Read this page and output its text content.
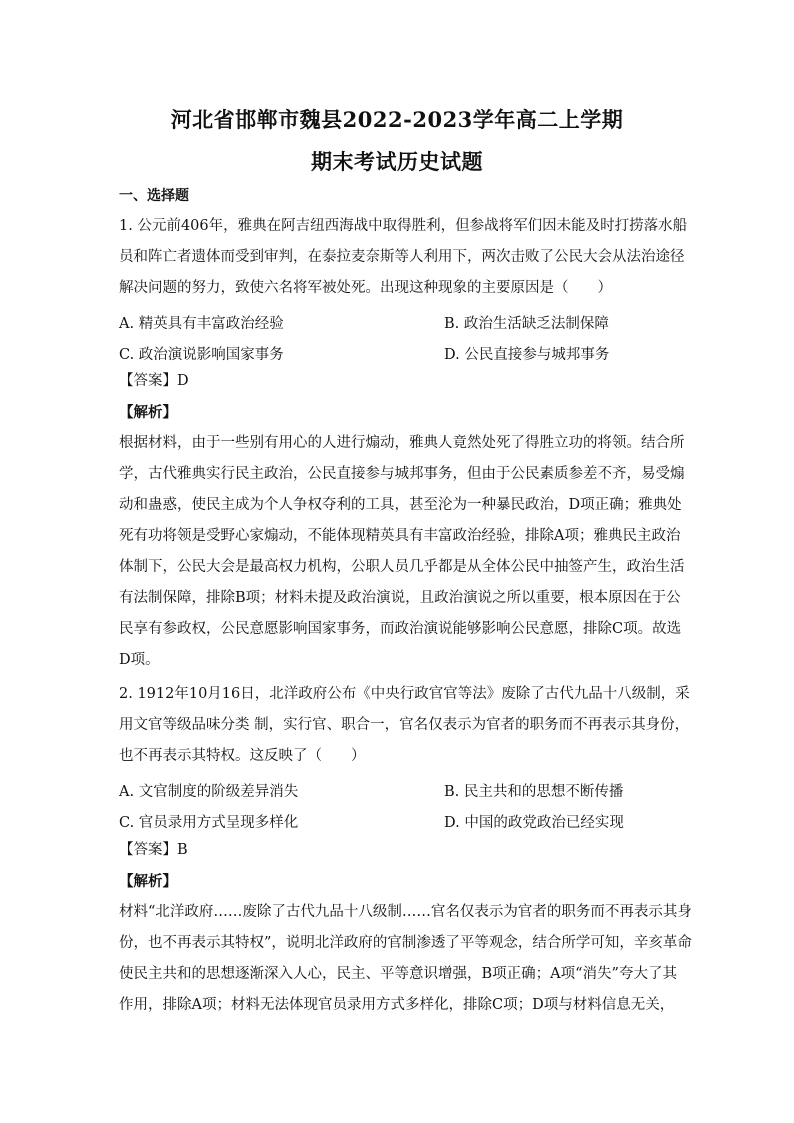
河北省邯郸市魏县2022-2023学年高二上学期
期末考试历史试题
一、选择题
1. 公元前406年，雅典在阿吉纽西海战中取得胜利，但参战将军们因未能及时打捞落水船
员和阵亡者遗体而受到审判，在泰拉麦奈斯等人利用下，两次击败了公民大会从法治途径
解决问题的努力，致使六名将军被处死。出现这种现象的主要原因是（　　）
A. 精英具有丰富政治经验	B. 政治生活缺乏法制保障
C. 政治演说影响国家事务	D. 公民直接参与城邦事务
【答案】D
【解析】
根据材料，由于一些别有用心的人进行煽动，雅典人竟然处死了得胜立功的将领。结合所
学，古代雅典实行民主政治，公民直接参与城邦事务，但由于公民素质参差不齐，易受煽
动和蛊惑，使民主成为个人争权夺利的工具，甚至沦为一种暴民政治，D项正确；雅典处
死有功将领是受野心家煽动，不能体现精英具有丰富政治经验，排除A项；雅典民主政治
体制下，公民大会是最高权力机构，公职人员几乎都是从全体公民中抽签产生，政治生活
有法制保障，排除B项；材料未提及政治演说，且政治演说之所以重要，根本原因在于公
民享有参政权，公民意愿影响国家事务，而政治演说能够影响公民意愿，排除C项。故选
D项。
2. 1912年10月16日，北洋政府公布《中央行政官官等法》废除了古代九品十八级制，采
用文官等级品味分类 制，实行官、职合一，官名仅表示为官者的职务而不再表示其身份，
也不再表示其特权。这反映了（　　）
A. 文官制度的阶级差异消失	B. 民主共和的思想不断传播
C. 官员录用方式呈现多样化	D. 中国的政党政治已经实现
【答案】B
【解析】
材料“北洋政府……废除了古代九品十八级制……官名仅表示为官者的职务而不再表示其身
份，也不再表示其特权”，说明北洋政府的官制渗透了平等观念，结合所学可知，辛亥革命
使民主共和的思想逐渐深入人心，民主、平等意识增强，B项正确；A项“消失”夸大了其
作用，排除A项；材料无法体现官员录用方式多样化，排除C项；D项与材料信息无关，
